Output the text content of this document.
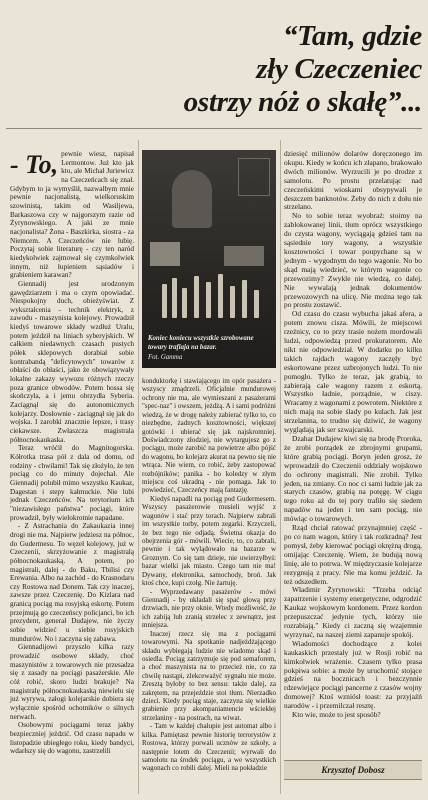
“Tam, gdzie
zły Czeczeniec
ostrzy nóż o skałę”...

- To, pewnie wiesz, napisał Lermontow. Już kto jak kto, ale Michał Juriewicz na Czeczeńcach się znał. Gdybym to ja wymyślił, nazwałbym mnie pewnie nacjonalistą, wielkoruskim szowinistą, takim od Wasiljewa, Barkaszowa czy w najgorszym razie od Żyrynowskiego. A jaki ze mnie nacjonalista? Żona - Baszkirka, siostra - za Niemcem. A Czeczeńców nie lubię. Poczytaj sobie literaturę - czy ten naród kiedykolwiek zajmował się czymkolwiek innym, niż łupieniem sąsiadów i grabieniem karawan?

Giennadij jest urodzonym gawędziarzem i ma o czym opowiadać. Niespokojny duch, obieżyświat. Z wykształcenia - technik elektryk, z zawodu - maszynista kolejowy. Prowadził kiedyś towarowe składy wzdłuż Uralu, potem jeździł na liniach syberyjskich. W całkiem niedawnych czasach pustych półek sklepowych dorabiał sobie kontrabandą "deficytowych" towarów z obłaści do obłaści, jako że obowiązywały lokalne zakazy wywozu różnych rzeczy poza granice obwodów. Potem hossa się skończyła, a i jemu obrzydła Syberia. Zaciągnął się do autonomicznych kolejarzy. Dosłownie - zaciągnął się jak do wojska. I zarobki znacznie lepsze, i trasy ciekawsze. Zwłaszcza magistrala północnokaukaska.

Teraz wróćił do Magnitogorska. Kółrotka trasa pół z dala od domu, od rodziny - chwilami! Tak się złożyło, że ten pociąg co do minuty dojechał. Ale Giennadij polubił mimo wszystko Kaukaz, Dagestan i stepy kałmuckie. Nie lubi jednak Czeczeńców. Na terytorium ich "niezawisłego państwa" pociągi, które prowadził, były wielokrotnie napadane.

- Z Astrachania do Zakaukazia innej drogi nie ma. Najpierw jedziesz na północ, do Gudermesu. To węzeł kolejowy, już w Czeczenii, skrzyżowanie z magistralą północnokaukaską. A potem, po magistrali, dalej - do Baku, Tbilisi czy Erewania. Albo na zachód - do Krasnodaru czy Rostowa nad Donem. Tak czy inaczej, zawsze przez Czeczenię. Do Kizlara nad granicą pociąg ma rosyjską eskortę. Potem przejmują go czeczeńscy policjanci, bo ich prezydent, generał Dudajew, nie życzy sobie widzieć u siebie rosyjskich mundurów. No i zaczyna się zabawa.

Giennadijowi przyszło kilka razy prowadzić osobowe składy, choć maszynistów z towarowych nie przesadza się z zasady na pociągi pasażerskie. Ale cóż robić, skoro ludzi brakuje? Na magistralę północnokaukaską niewielu się już wyrywa, załogi kolejarskie dobiera się wyłącznie spośród ochotników o silnych nerwach.

Osobowymi pociągami teraz jakby bezpieczniej jeździć. Od czasu napadu w listopadzie ubiegłego roku, kiedy bandyci, wdarłszy się do wagonu, zastrzelili

Koniec koniecu wszystkie szrobowane towary trafiaja na bazar.
Fot. Gamma

konduktorkę i stawiającego im opór pasażera - wszyscy zmądrzeli. Oficjalnie mundurowej ochrony nie ma, ale wymieszani z pasażerami "spec-naz" i owszem, jeżdżą. A i sami podróżni wiedzą, że w drogę należy zabierać tylko to, co niezbędne, żadnych kosztowności, większej gotówki i ubierać się jak najskromniej. Doświadczony złodziej, nie wytargujesz go z pociągu, może zarobić na powietrze albo pójść do wagonu, bo kolejarz akurat na pewno się nie wtrąca. Nie wiem, co robić, żeby zastopować rozbójników; panika - bo koledzy w złym miejscu coś ukradną - nie pomaga. Jak to powiedzieć, Czeczeńcy mają fantazję.

Kiedyś napadli na pociąg pod Gudermesem. Wszyscy pasażerowie musieli wyjść z wagonów i stać przy torach. Najpierw zabrali im wszystkie torby, potem zegarki. Krzyczeli, że bez tego nie odjadą. Świetna okazja do obejrzenia gór - mówili. Wiecie, to, co zabrali, pewnie i tak wylądowało na bazarze w Groznym. Co się tam dzieje, nie uwierzyłbyś: bazar wielki jak miasto. Czego tam nie ma! Dywany, elektronika, samochody, broń. Jak ktoś chce, kupi czołg. Nie żartuję.

- Wyprzedawany pasażerów - mówi Giennadij - by układali się spać głową przy drzwiach, nie przy oknie. Wtedy możliwość, że ich zabiją lub zranią strzelec z zewnątrz, jest mniejsza.

Inaczej rzecz się ma z pociągami towarowymi. Na spotkanie nadjeżdżającego składu wybiegają ludzie nie wiadomo skąd i osiedla. Pociąg zatrzymuje się pod semaforem, a choć maszynista na to przecież nie, co za chwilę nastąpi, zlekceważyć sygnału nie może. Zresztą byłoby to bez sensu: także dalej, za zakrętem, na przejeździe stoi tłum. Nierzadko dzieci. Kiedy pociąg staje, zaczyna się wielkie grabienie przy akompaniamencie wściekłej strzelaniny - na postrach, na wiwat.

- Tam w każdej chałupie jest automat albo i kilka. Pamiętasz pewnie historię terrorystów z Rostowa, którzy porwali ucznów ze szkoły, a następnie lotem do Czeczenii; wyrwali do samolotu na środek pociągu, a we wszystkich wagonach co robili dalej. Mieli na pokładzie

dziesięć milionów dolarów doręczonego im okupu. Kiedy w końcu ich złapano, brakowało dwóch milionów. Wyrzucili je po drodze z samolotu. Po prostu przelatując nad czeczeńskimi wioskami obsypywali je deszczem banknotów. Żeby do nich z dołu nie strzelano.

No to sobie teraz wyobraź: stoimy na zablokowanej linii, tłum oprócz wszystkiego do czysta wagony, wyciągają gdzieś tam na sąsiednie tory wagony, a wszystkie kosztowności i towar poupychane są w jednym - wygodnym do tego wagonie. No bo skąd mają wiedzieć, w którym wagonie co przewozimy? Zwykle nie wiedzą, co dalej. Nie wywalają jednak dokumentów przewozowych na ulicę. Nie można tego tak po prostu zostawić.

Od czasu do czasu wybucha jakaś afera, a potem znowu cisza. Mówili, że miejscowi rzeźnicy, co to przy trasie nożem mordowali ludzi, odpowiedzą przed prokuratorem. Ale nikt nie odpowiedział. W dodatku po kilku takich rajdach wagony zaczęły być eskortowane przez uzbrojonych ludzi. To nie pomogło. Tylko że teraz, jak grabią, to zabierają całe wagony razem z eskortą. Wszystko ładnie, porządnie, w ciszy. Wracamy z wagonami z powrotem. Niektóre z nich mają na sobie ślady po kulach. Jak jest strzelanina, to trudno się dziwić, że wagony wyglądają jak ser szwajcarski.

Dzahar Dudajew kiwi się na brodę Proroka, że zrobi porządek ze zbrojnymi grupami, które grabią pociągi. Boryn jeden grosz, że wprowadził do Czeczenii oddziały wojskowe do ochrony magistrali. Nie zrobił. Tylko jeden, na zmiany. Co noc ci sami ludzie jak za starych czasów, grabią na potęgę. W ciągu tego roku aż do tej pory trafiło się siedem napadów na jeden i ten sam pociąg, nie mówiąc o towarowych.

Rząd chciał ratować przynajmniej część - po co nam wagon, który i tak rozkradną? Jest pomysł, żeby kierować pociągi okrężną drogą, omijając Czeczenię. Wiem, że budują nową linię, ale to potrwa. W międzyczasie kolejarze rezygnują z pracy. Nie ma komu jeździć. Ja też odszedłem.

Władimir Żyrynowski: "Trzeba odciąć zapatrzenie i systemy energetyczne, odgrodzić Kaukaz wojskowym kordonem. Przez kordon przepuszczać jedynie tych, którzy nie rozrabiają." Kiedy ci zaczną się wzajemnie wyrzynać, na naszej ziemi zapanuje spokój.

Wiadomości dochodzące z kolei kaukaskich przestały już w Rosji robić na kimkolwiek wrażenie. Czasem tylko prasa pokpiwa sobie: a może by uruchomić stojące gdzieś na bocznicach i bezczynnie rdzewiejące pociągi pancerne z czasów wojny domowej? Ktoś wzniósł toast: za przyjaźń narodów - i przemilczał resztę.

Kto wie, może to jest sposób?

Krzysztof Dobosz
